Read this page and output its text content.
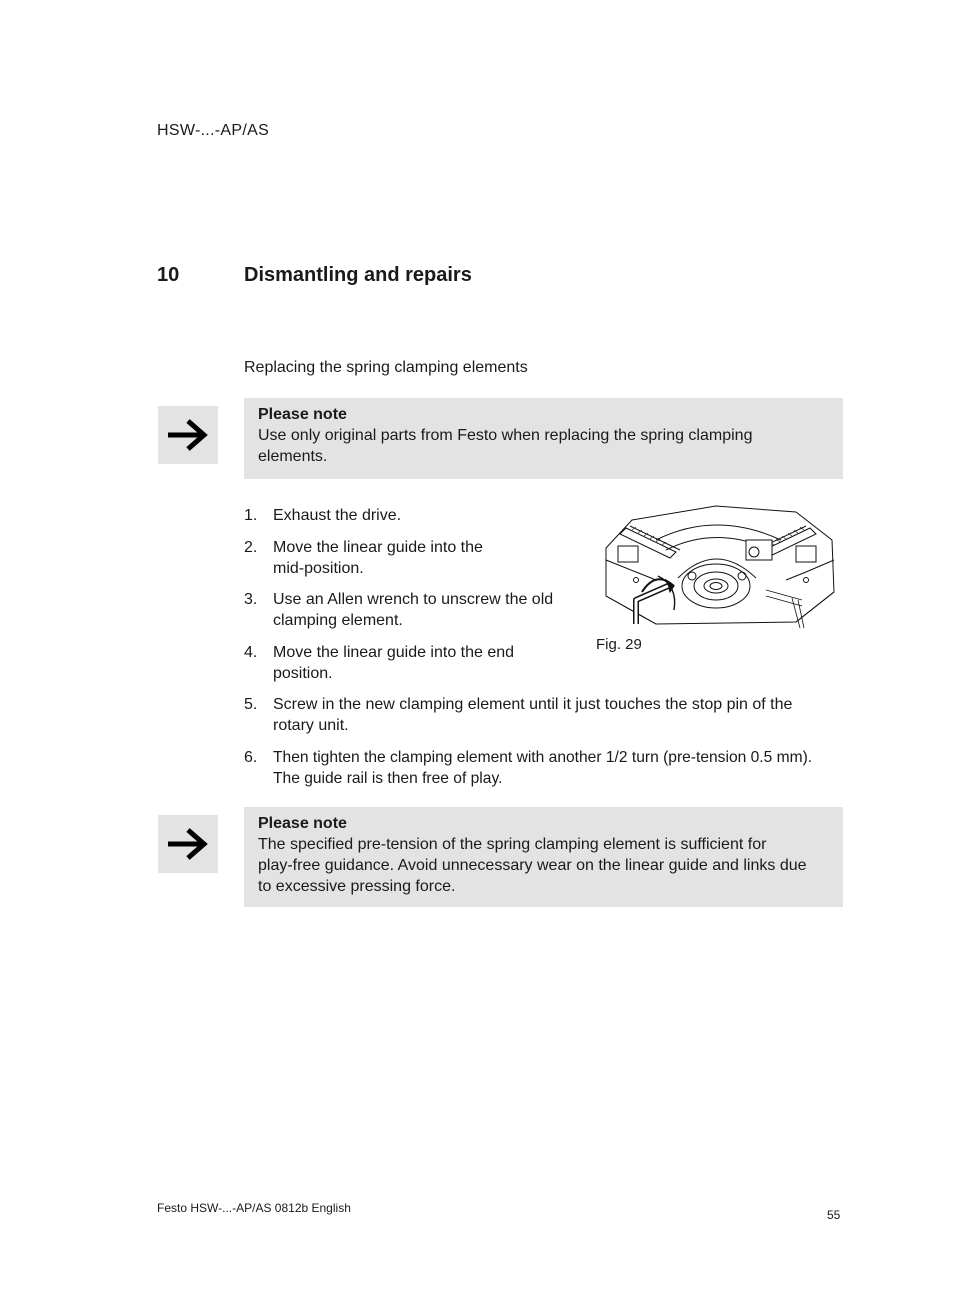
HSW-...-AP/AS
10	Dismantling and repairs
Replacing the spring clamping elements
Please note
Use only original parts from Festo when replacing the spring clamping
elements.
1. Exhaust the drive.
2. Move the linear guide into the
mid-position.
3. Use an Allen wrench to unscrew the old
clamping element.
4. Move the linear guide into the end
position.
5. Screw in the new clamping element until it just touches the stop pin of the
rotary unit.
6.	Then tighten the clamping element with another 1/2 turn (pre-tension 0.5 mm).
The guide rail is then free of play.
Fig. 29
Please note
The specified pre-tension of the spring clamping element is sufficient for
play-free guidance. Avoid unnecessary wear on the linear guide and links due
to excessive pressing force.
Festo HSW-...-AP/AS 0812b English	55
